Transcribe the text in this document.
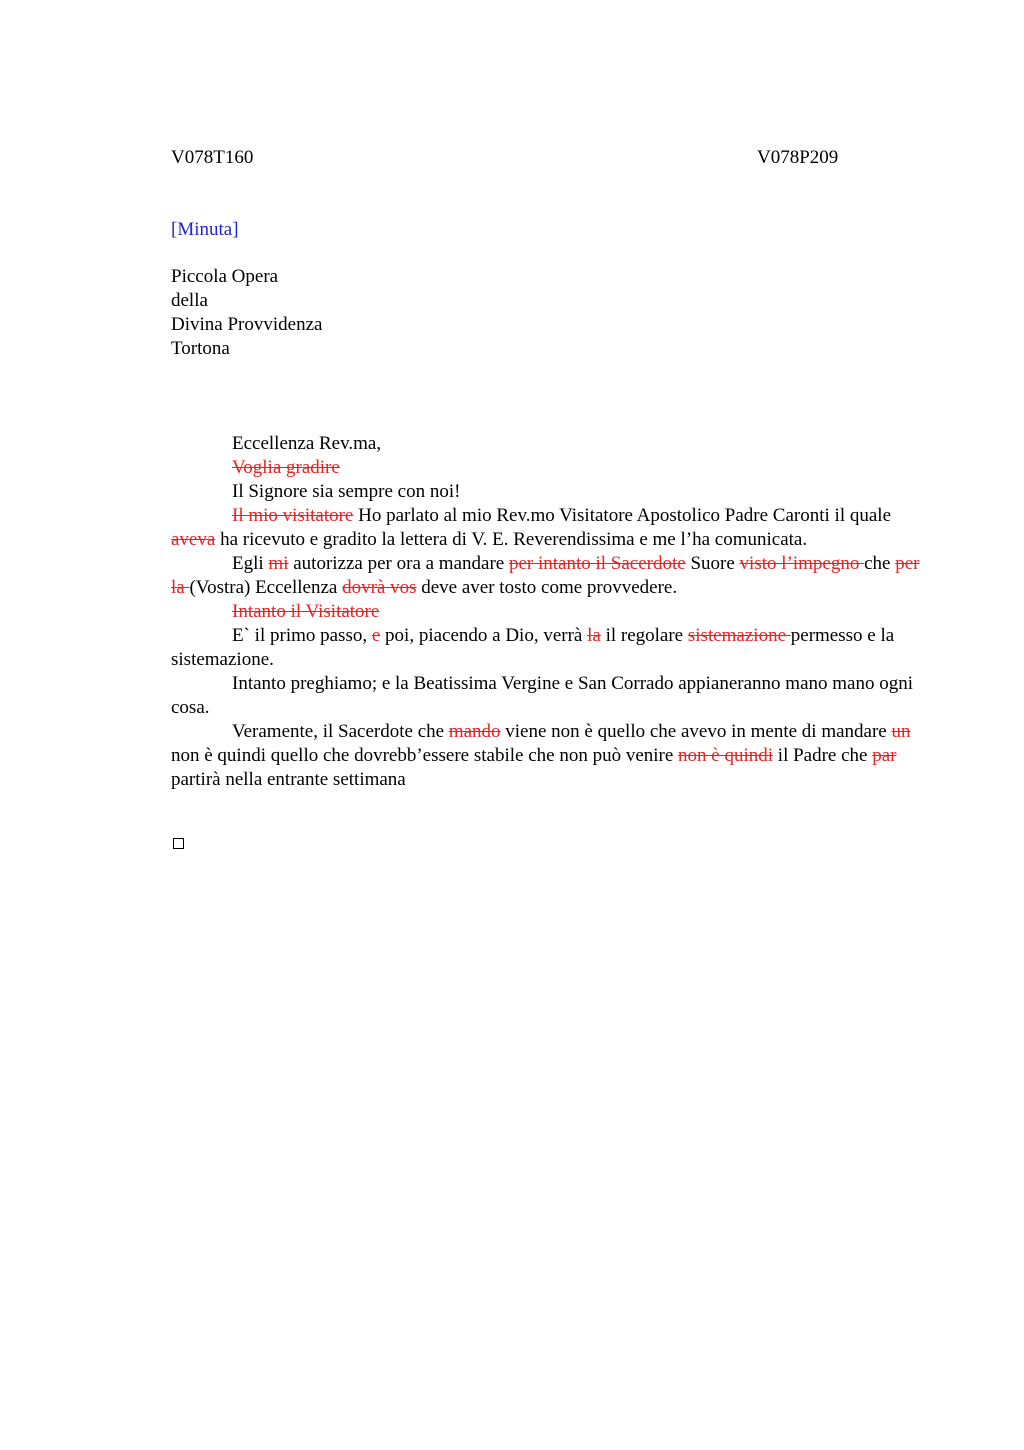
V078T160	V078P209
[Minuta]
Piccola Opera
della
Divina Provvidenza
Tortona

Eccellenza Rev.ma,

Voglia gradire

Il Signore sia sempre con noi!

Il mio visitatore Ho parlato al mio Rev.mo Visitatore Apostolico Padre Caronti il quale aveva ha ricevuto e gradito la lettera di V. E. Reverendissima e me l’ha comunicata.

Egli mi autorizza per ora a mandare per intanto il Sacerdote Suore visto l’impegno che per la (Vostra) Eccellenza dovrà vos deve aver tosto come provvedere.

Intanto il Visitatore

E` il primo passo, e poi, piacendo a Dio, verrà la il regolare sistemazione permesso e la sistemazione.

Intanto preghiamo; e la Beatissima Vergine e San Corrado appianeranno mano mano ogni cosa.

Veramente, il Sacerdote che mando viene non è quello che avevo in mente di mandare un non è quindi quello che dovrebb’essere stabile che non può venire non è quindi il Padre che par partirà nella entrante settimana
